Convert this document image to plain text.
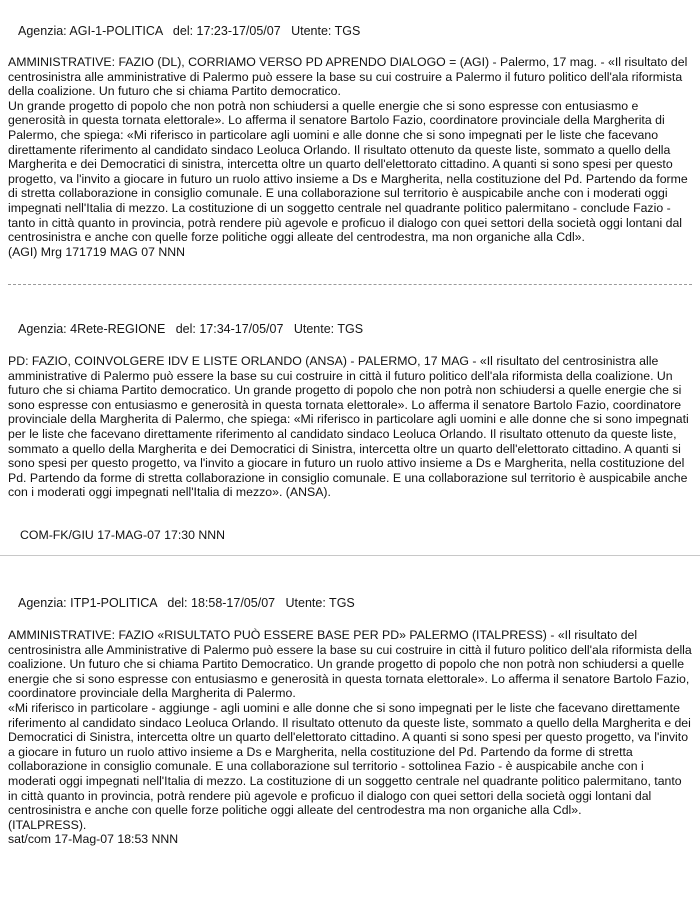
Agenzia: AGI-1-POLITICA   del: 17:23-17/05/07   Utente: TGS

AMMINISTRATIVE: FAZIO (DL), CORRIAMO VERSO PD APRENDO DIALOGO = (AGI) - Palermo, 17 mag. - «Il risultato del centrosinistra alle amministrative di Palermo può essere la base su cui costruire a Palermo il futuro politico dell'ala riformista della coalizione. Un futuro che si chiama Partito democratico.

Un grande progetto di popolo che non potrà non schiudersi a quelle energie che si sono espresse con entusiasmo e generosità in questa tornata elettorale». Lo afferma il senatore Bartolo Fazio, coordinatore provinciale della Margherita di Palermo, che spiega: «Mi riferisco in particolare agli uomini e alle donne che si sono impegnati per le liste che facevano direttamente riferimento al candidato sindaco Leoluca Orlando. Il risultato ottenuto da queste liste, sommato a quello della Margherita e dei Democratici di sinistra, intercetta oltre un quarto dell'elettorato cittadino. A quanti si sono spesi per questo progetto, va l'invito a giocare in futuro un ruolo attivo insieme a Ds e Margherita, nella costituzione del Pd. Partendo da forme di stretta collaborazione in consiglio comunale. E una collaborazione sul territorio è auspicabile anche con i moderati oggi impegnati nell'Italia di mezzo. La costituzione di un soggetto centrale nel quadrante politico palermitano - conclude Fazio - tanto in città quanto in provincia, potrà rendere più agevole e proficuo il dialogo con quei settori della società oggi lontani dal centrosinistra e anche con quelle forze politiche oggi alleate del centrodestra, ma non organiche alla Cdl».

(AGI) Mrg 171719 MAG 07 NNN

Agenzia: 4Rete-REGIONE   del: 17:34-17/05/07   Utente: TGS

PD: FAZIO, COINVOLGERE IDV E LISTE ORLANDO (ANSA) - PALERMO, 17 MAG - «Il risultato del centrosinistra alle amministrative di Palermo può essere la base su cui costruire in città il futuro politico dell'ala riformista della coalizione. Un futuro che si chiama Partito democratico. Un grande progetto di popolo che non potrà non schiudersi a quelle energie che si sono espresse con entusiasmo e generosità in questa tornata elettorale». Lo afferma il senatore Bartolo Fazio, coordinatore provinciale della Margherita di Palermo, che spiega: «Mi riferisco in particolare agli uomini e alle donne che si sono impegnati per le liste che facevano direttamente riferimento al candidato sindaco Leoluca Orlando. Il risultato ottenuto da queste liste, sommato a quello della Margherita e dei Democratici di Sinistra, intercetta oltre un quarto dell'elettorato cittadino. A quanti si sono spesi per questo progetto, va l'invito a giocare in futuro un ruolo attivo insieme a Ds e Margherita, nella costituzione del Pd. Partendo da forme di stretta collaborazione in consiglio comunale. E una collaborazione sul territorio è auspicabile anche con i moderati oggi impegnati nell'Italia di mezzo». (ANSA).

COM-FK/GIU 17-MAG-07 17:30 NNN
Agenzia: ITP1-POLITICA   del: 18:58-17/05/07   Utente: TGS

AMMINISTRATIVE: FAZIO «RISULTATO PUÒ ESSERE BASE PER PD» PALERMO (ITALPRESS) - «Il risultato del centrosinistra alle Amministrative di Palermo può essere la base su cui costruire in città il futuro politico dell'ala riformista della coalizione. Un futuro che si chiama Partito Democratico. Un grande progetto di popolo che non potrà non schiudersi a quelle energie che si sono espresse con entusiasmo e generosità in questa tornata elettorale». Lo afferma il senatore Bartolo Fazio, coordinatore provinciale della Margherita di Palermo.

«Mi riferisco in particolare - aggiunge - agli uomini e alle donne che si sono impegnati per le liste che facevano direttamente riferimento al candidato sindaco Leoluca Orlando. Il risultato ottenuto da queste liste, sommato a quello della Margherita e dei Democratici di Sinistra, intercetta oltre un quarto dell'elettorato cittadino. A quanti si sono spesi per questo progetto, va l'invito a giocare in futuro un ruolo attivo insieme a Ds e Margherita, nella costituzione del Pd. Partendo da forme di stretta collaborazione in consiglio comunale. E una collaborazione sul territorio - sottolinea Fazio - è auspicabile anche con i moderati oggi impegnati nell'Italia di mezzo. La costituzione di un soggetto centrale nel quadrante politico palermitano, tanto in città quanto in provincia, potrà rendere più agevole e proficuo il dialogo con quei settori della società oggi lontani dal centrosinistra e anche con quelle forze politiche oggi alleate del centrodestra ma non organiche alla Cdl».

(ITALPRESS).

sat/com 17-Mag-07 18:53 NNN
